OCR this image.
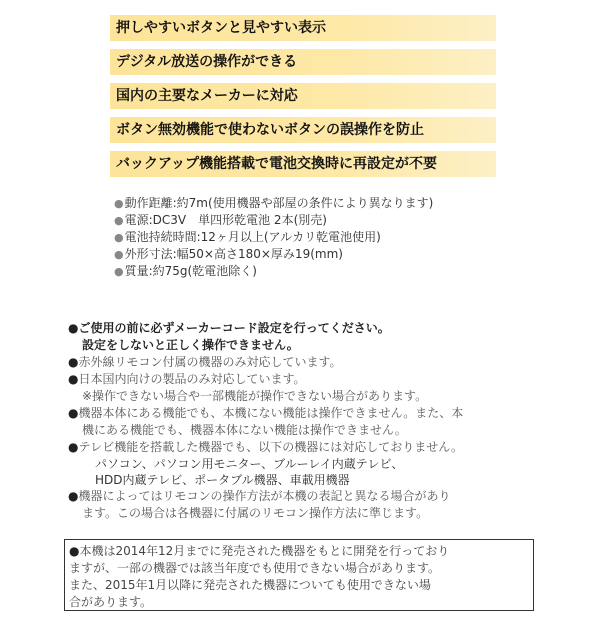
押しやすいボタンと見やすい表示
デジタル放送の操作ができる
国内の主要なメーカーに対応
ボタン無効機能で使わないボタンの誤操作を防止
バックアップ機能搭載で電池交換時に再設定が不要
●動作距離:約7m(使用機器や部屋の条件により異なります)
●電源:DC3V　単四形乾電池 2本(別売)
●電池持続時間:12ヶ月以上(アルカリ乾電池使用)
●外形寸法:幅50×高さ180×厚み19(mm)
●質量:約75g(乾電池除く)
●ご使用の前に必ずメーカーコード設定を行ってください。
設定をしないと正しく操作できません。
●赤外線リモコン付属の機器のみ対応しています。
●日本国内向けの製品のみ対応しています。
※操作できない場合や一部機能が操作できない場合があります。
●機器本体にある機能でも、本機にない機能は操作できません。また、本
機にある機能でも、機器本体にない機能は操作できません。
●テレビ機能を搭載した機器でも、以下の機器には対応しておりません。
パソコン、パソコン用モニター、ブルーレイ内蔵テレビ、
HDD内蔵テレビ、ポータブル機器、車載用機器
●機器によってはリモコンの操作方法が本機の表記と異なる場合があり
ます。この場合は各機器に付属のリモコン操作方法に準じます。
●本機は2014年12月までに発売された機器をもとに開発を行っており
ますが、一部の機器では該当年度でも使用できない場合があります。
また、2015年1月以降に発売された機器についても使用できない場
合があります。
